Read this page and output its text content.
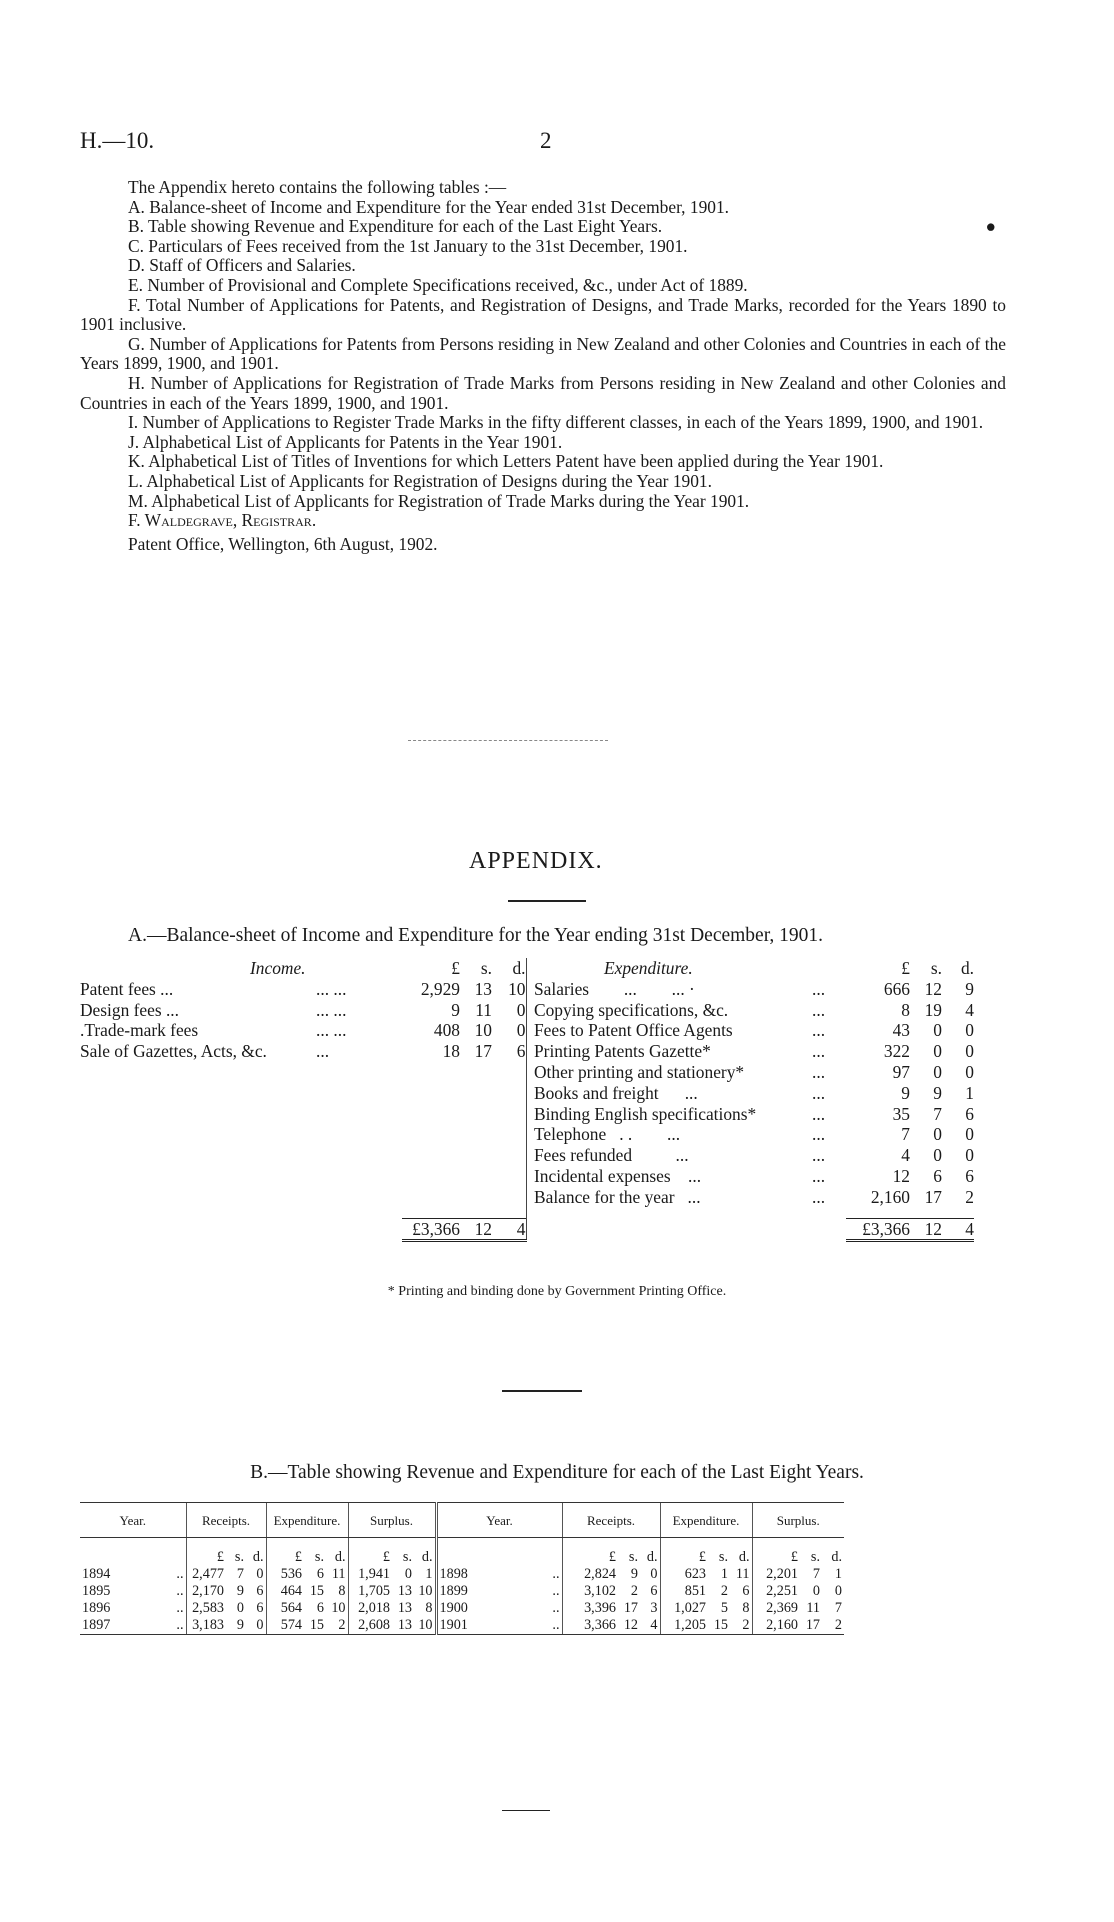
H.—10.	2

The Appendix hereto contains the following tables :—

A. Balance-sheet of Income and Expenditure for the Year ended 31st December, 1901.

B. Table showing Revenue and Expenditure for each of the Last Eight Years.	●

C. Particulars of Fees received from the 1st January to the 31st December, 1901.

D. Staff of Officers and Salaries.

E. Number of Provisional and Complete Specifications received, &c., under Act of 1889.

F. Total Number of Applications for Patents, and Registration of Designs, and Trade Marks, recorded for the Years 1890 to 1901 inclusive.

G. Number of Applications for Patents from Persons residing in New Zealand and other Colonies and Countries in each of the Years 1899, 1900, and 1901.

H. Number of Applications for Registration of Trade Marks from Persons residing in New Zealand and other Colonies and Countries in each of the Years 1899, 1900, and 1901.

I. Number of Applications to Register Trade Marks in the fifty different classes, in each of the Years 1899, 1900, and 1901.

J. Alphabetical List of Applicants for Patents in the Year 1901.

K. Alphabetical List of Titles of Inventions for which Letters Patent have been applied during the Year 1901.

L. Alphabetical List of Applicants for Registration of Designs during the Year 1901.

M. Alphabetical List of Applicants for Registration of Trade Marks during the Year 1901.

F. Waldegrave, Registrar.

Patent Office, Wellington, 6th August, 1902.

APPENDIX.
A.—Balance-sheet of Income and Expenditure for the Year ending 31st December, 1901.
Income.		£	s.	d.		Expenditure.		£	s.	d.
Patent fees ...	... ...	2,929	13	10		Salaries        ...        ... ·	...	666	12	9
Design fees ...	... ...	9	11	0		Copying specifications, &c.	...	8	19	4
.Trade-mark fees	... ...	408	10	0		Fees to Patent Office Agents	...	43	0	0
Sale of Gazettes, Acts, &c.	...	18	17	6		Printing Patents Gazette*	...	322	0	0
						Other printing and stationery*	...	97	0	0
						Books and freight      ...	...	9	9	1
						Binding English specifications*	...	35	7	6
						Telephone   . .        ...	...	7	0	0
						Fees refunded          ...	...	4	0	0
						Incidental expenses    ...	...	12	6	6
						Balance for the year   ...	...	2,160	17	2

		£3,366	12	4				£3,366	12	4

* Printing and binding done by Government Printing Office.
B.—Table showing Revenue and Expenditure for each of the Last Eight Years.
Year.		Receipts.			Expenditure.			Surplus.			Year.		Receipts.			Expenditure.			Surplus.		
		£	s.	d.	£	s.	d.	£	s.	d.			£	s.	d.	£	s.	d.	£	s.	d.
1894	..	2,477	7	0	536	6	11	1,941	0	1	1898	..	2,824	9	0	623	1	11	2,201	7	1
1895	..	2,170	9	6	464	15	8	1,705	13	10	1899	..	3,102	2	6	851	2	6	2,251	0	0
1896	..	2,583	0	6	564	6	10	2,018	13	8	1900	..	3,396	17	3	1,027	5	8	2,369	11	7
1897	..	3,183	9	0	574	15	2	2,608	13	10	1901	..	3,366	12	4	1,205	15	2	2,160	17	2
